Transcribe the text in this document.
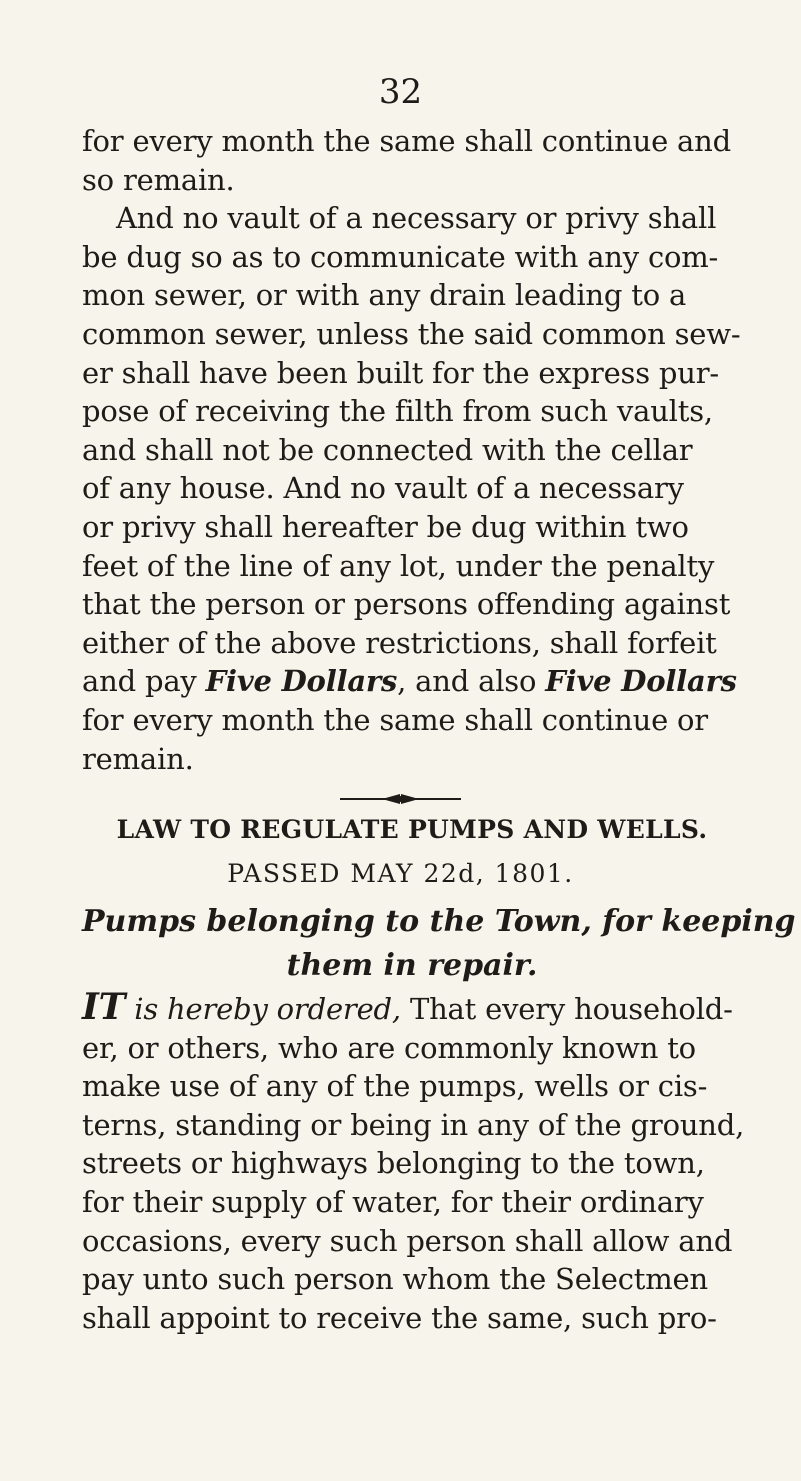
32
for every month the same shall continue and
so remain.
And no vault of a necessary or privy shall
be dug so as to communicate with any com-
mon sewer, or with any drain leading to a
common sewer, unless the said common sew-
er shall have been built for the express pur-
pose of receiving the filth from such vaults,
and shall not be connected with the cellar
of any house. And no vault of a necessary
or privy shall hereafter be dug within two
feet of the line of any lot, under the penalty
that the person or persons offending against
either of the above restrictions, shall forfeit
and pay Five Dollars, and also Five Dollars
for every month the same shall continue or
remain.
LAW TO REGULATE PUMPS AND WELLS.
PASSED MAY 22d, 1801.
Pumps belonging to the Town, for keeping
them in repair.
IT is hereby ordered, That every household-
er, or others, who are commonly known to
make use of any of the pumps, wells or cis-
terns, standing or being in any of the ground,
streets or highways belonging to the town,
for their supply of water, for their ordinary
occasions, every such person shall allow and
pay unto such person whom the Selectmen
shall appoint to receive the same, such pro-
